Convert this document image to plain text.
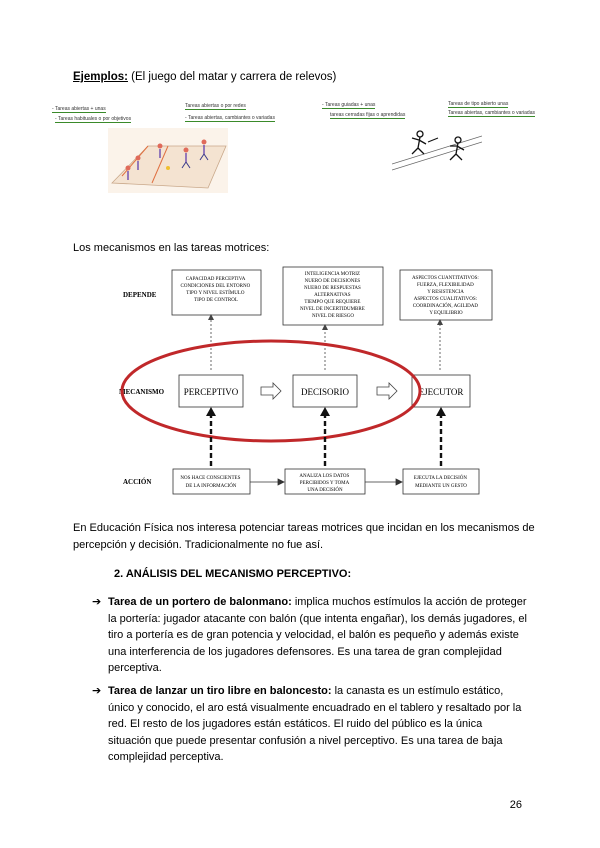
Ejemplos: (El juego del matar y carrera de relevos)
- Tareas abiertas + unas
- Tareas habituales o por objetivos
Tareas abiertas o por redes
- Tareas abiertas, cambiantes o variadas
- Tareas guiadas + unas
tareas cerradas fijas o aprendidas
Tareas de tipo abierto unas
Tareas abiertas, cambiantes o variadas
Los mecanismos en las tareas motrices:
DEPENDE
MECANISMO
ACCIÓN
CAPACIDAD PERCEPTIVA CONDICIONES DEL ENTORNO TIPO Y NIVEL ESTÍMULO TIPO DE CONTROL
INTELIGENCIA MOTRIZ NUERO DE DECISIONES NUERO DE RESPUESTAS ALTERNATIVAS TIEMPO QUE REQUIERE NIVEL DE INCERTIDUMBRE NIVEL DE RIESGO
ASPECTOS CUANTITATIVOS: FUERZA, FLEXIBILIDAD Y RESISTENCIA ASPECTOS CUALITATIVOS: COORDINACIÓN, AGILIDAD Y EQUILIBRIO
PERCEPTIVO	DECISORIO	EJECUTOR
NOS HACE CONSCIENTES DE LA INFORMACIÓN
ANALIZA LOS DATOS PERCIBIDOS Y TOMA UNA DECISIÓN
EJECUTA LA DECISIÓN MEDIANTE UN GESTO
En Educación Física nos interesa potenciar tareas motrices que incidan en los mecanismos de percepción y decisión. Tradicionalmente no fue así.
2. ANÁLISIS DEL MECANISMO PERCEPTIVO:
➔ Tarea de un portero de balonmano: implica muchos estímulos la acción de proteger la portería: jugador atacante con balón (que intenta engañar), los demás jugadores, el tiro a portería es de gran potencia y velocidad, el balón es pequeño y además existe una interferencia de los jugadores defensores. Es una tarea de gran complejidad perceptiva.
➔ Tarea de lanzar un tiro libre en baloncesto: la canasta es un estímulo estático, único y conocido, el aro está visualmente encuadrado en el tablero y resaltado por la red. El resto de los jugadores están estáticos. El ruido del público es la única situación que puede presentar confusión a nivel perceptivo. Es una tarea de baja complejidad perceptiva.
26
